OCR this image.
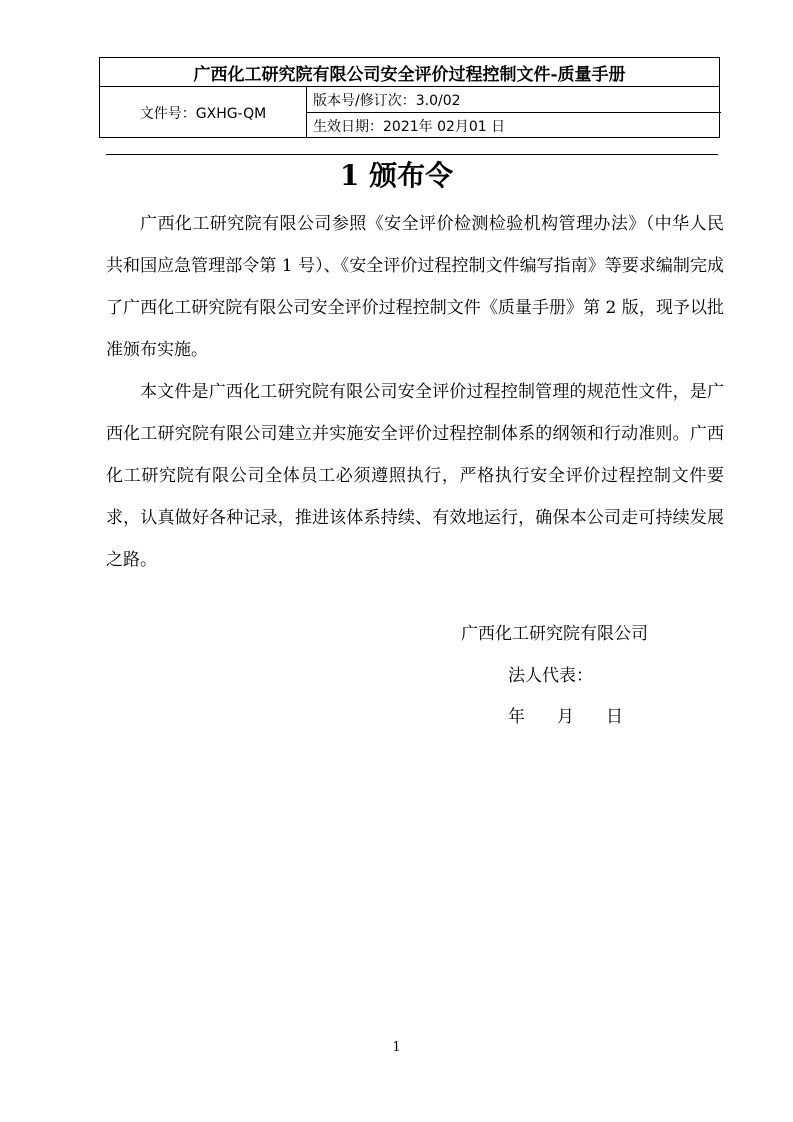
广西化工研究院有限公司安全评价过程控制文件-质量手册
文件号：GXHG-QM
版本号/修订次：3.0/02
生效日期：2021年 02月01 日
1 颁布令

广西化工研究院有限公司参照《安全评价检测检验机构管理办法》（中华人民共和国应急管理部令第 1 号）、《安全评价过程控制文件编写指南》等要求编制完成了广西化工研究院有限公司安全评价过程控制文件《质量手册》第 2 版，现予以批准颁布实施。

本文件是广西化工研究院有限公司安全评价过程控制管理的规范性文件，是广西化工研究院有限公司建立并实施安全评价过程控制体系的纲领和行动准则。广西化工研究院有限公司全体员工必须遵照执行，严格执行安全评价过程控制文件要求，认真做好各种记录，推进该体系持续、有效地运行，确保本公司走可持续发展之路。

广西化工研究院有限公司
法人代表：
年 月 日
1
